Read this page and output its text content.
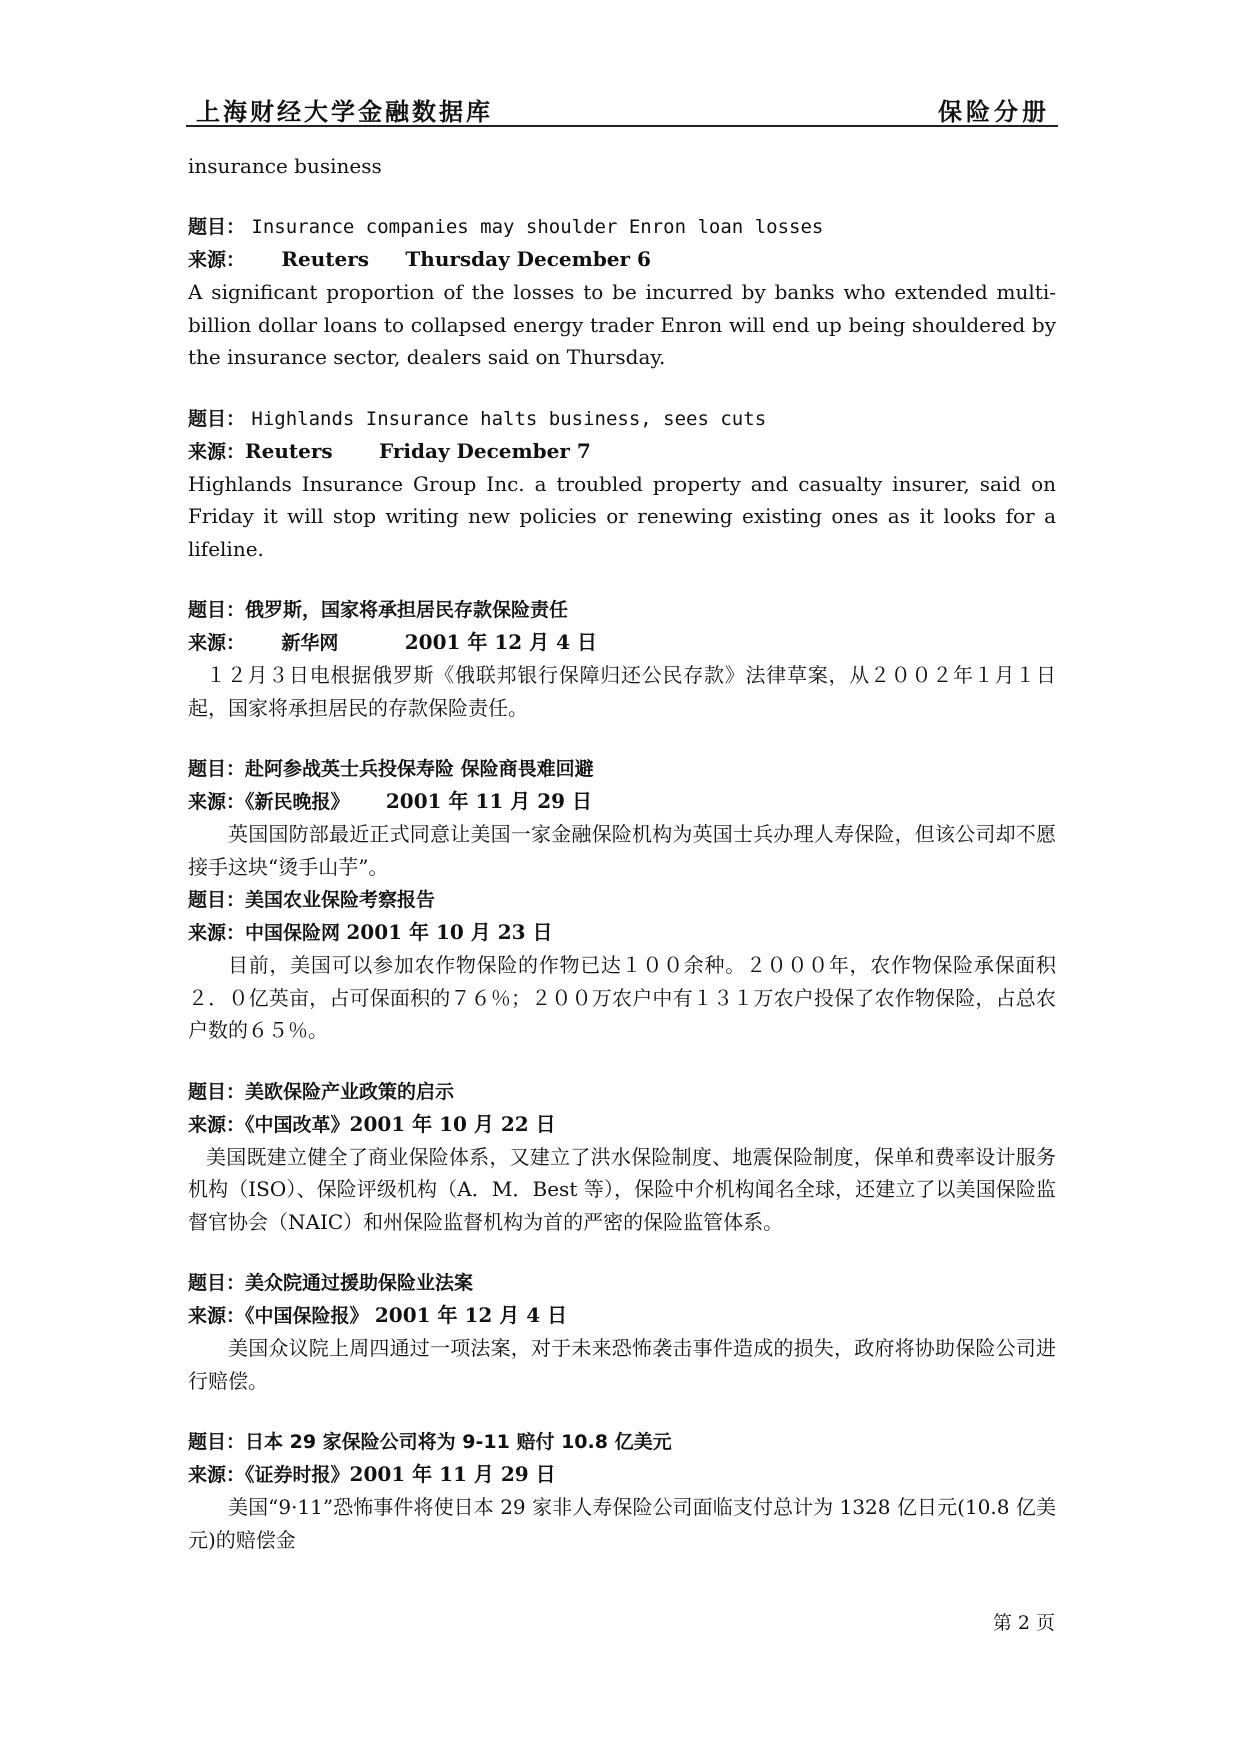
上海财经大学金融数据库	保险分册
insurance business
题目： Insurance companies may shoulder Enron loan losses
来源： Reuters Thursday December 6
A significant proportion of the losses to be incurred by banks who extended multi-billion dollar loans to collapsed energy trader Enron will end up being shouldered by the insurance sector, dealers said on Thursday.
题目： Highlands Insurance halts business, sees cuts
来源：Reuters Friday December 7
Highlands Insurance Group Inc. a troubled property and casualty insurer, said on Friday it will stop writing new policies or renewing existing ones as it looks for a lifeline.
题目：俄罗斯，国家将承担居民存款保险责任
来源： 新华网	2001 年 12 月 4 日
１２月３日电根据俄罗斯《俄联邦银行保障归还公民存款》法律草案，从２００２年１月１日起，国家将承担居民的存款保险责任。
题目：赴阿参战英士兵投保寿险 保险商畏难回避
来源：《新民晚报》 2001 年 11 月 29 日
英国国防部最近正式同意让美国一家金融保险机构为英国士兵办理人寿保险，但该公司却不愿接手这块“烫手山芋”。
题目：美国农业保险考察报告
来源：中国保险网 2001 年 10 月 23 日
目前，美国可以参加农作物保险的作物已达１００余种。２０００年，农作物保险承保面积２．０亿英亩，占可保面积的７６％；２００万农户中有１３１万农户投保了农作物保险，占总农户数的６５％。
题目：美欧保险产业政策的启示
来源：《中国改革》2001 年 10 月 22 日
美国既建立健全了商业保险体系，又建立了洪水保险制度、地震保险制度，保单和费率设计服务机构（ISO）、保险评级机构（A．M．Best 等），保险中介机构闻名全球，还建立了以美国保险监督官协会（NAIC）和州保险监督机构为首的严密的保险监管体系。
题目：美众院通过援助保险业法案
来源：《中国保险报》 2001 年 12 月 4 日
美国众议院上周四通过一项法案，对于未来恐怖袭击事件造成的损失，政府将协助保险公司进行赔偿。
题目：日本 29 家保险公司将为 9-11 赔付 10.8 亿美元
来源：《证券时报》2001 年 11 月 29 日
美国“9·11”恐怖事件将使日本 29 家非人寿保险公司面临支付总计为 1328 亿日元(10.8 亿美元)的赔偿金
第 2 页
